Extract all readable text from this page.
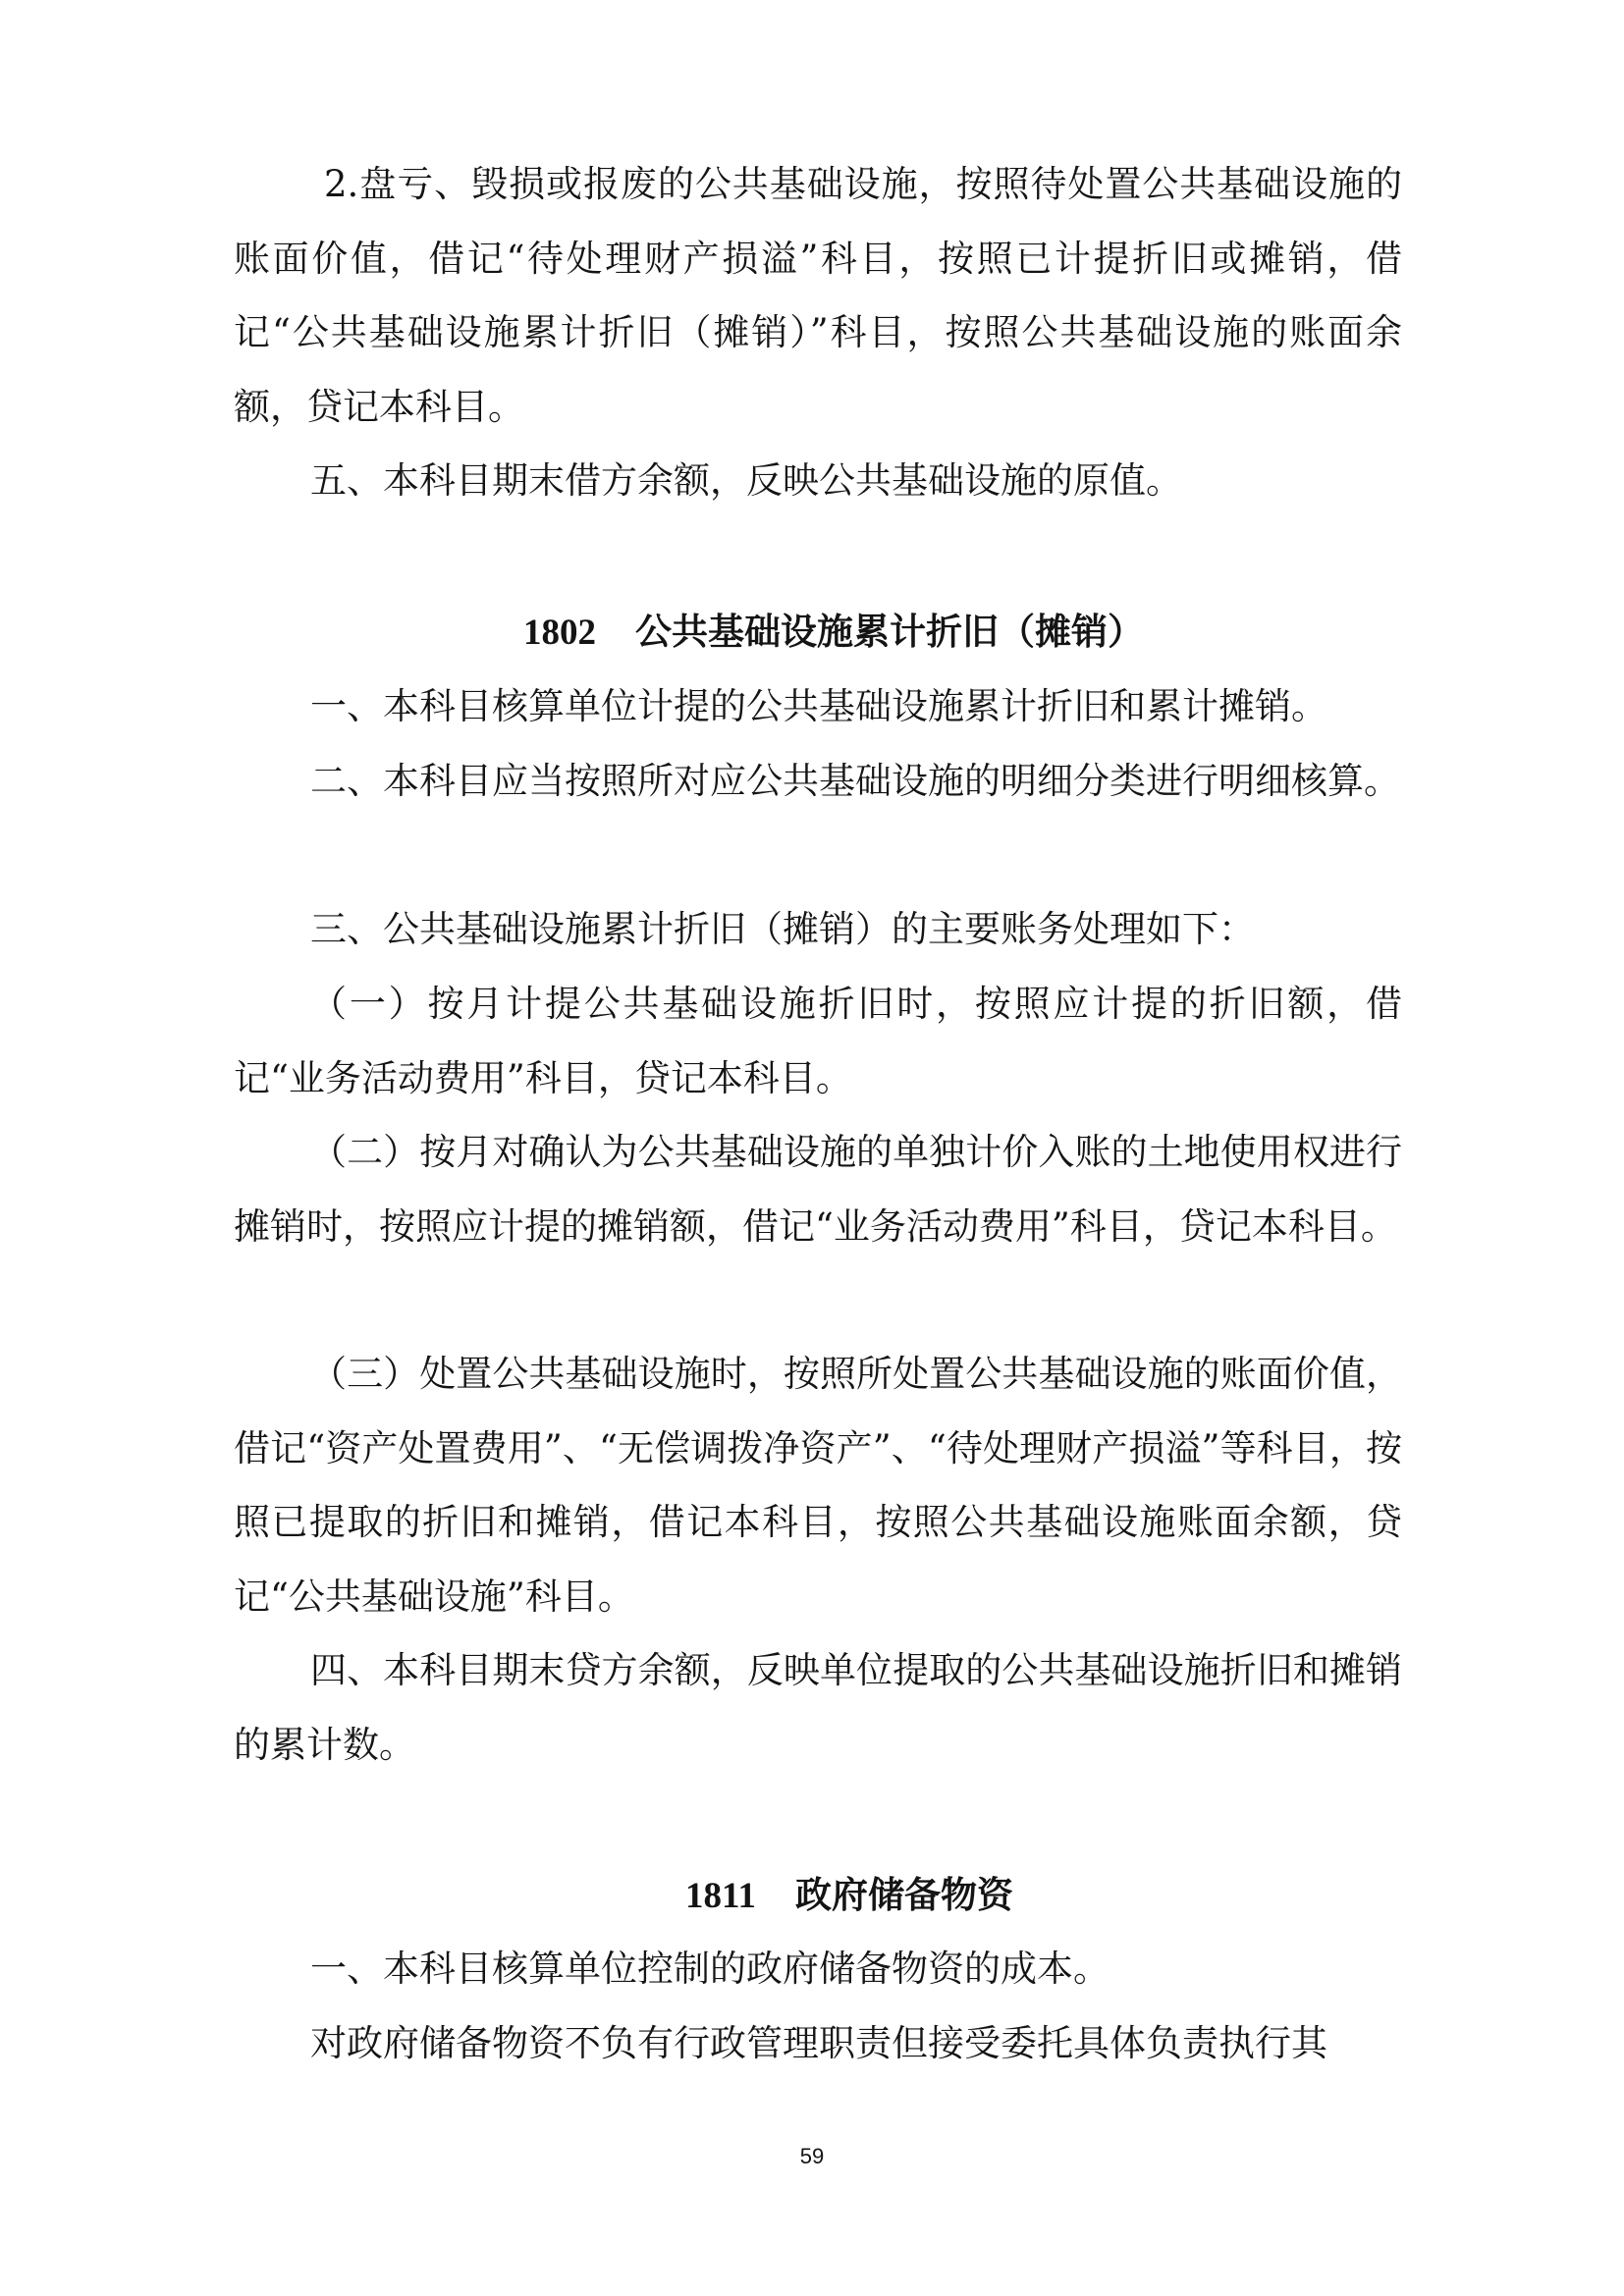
2.盘亏、毁损或报废的公共基础设施，按照待处置公共基础设施的账面价值，借记“待处理财产损溢”科目，按照已计提折旧或摊销，借记“公共基础设施累计折旧（摊销）”科目，按照公共基础设施的账面余额，贷记本科目。

五、本科目期末借方余额，反映公共基础设施的原值。

1802 公共基础设施累计折旧（摊销）

一、本科目核算单位计提的公共基础设施累计折旧和累计摊销。

二、本科目应当按照所对应公共基础设施的明细分类进行明细核算。

三、公共基础设施累计折旧（摊销）的主要账务处理如下：

（一）按月计提公共基础设施折旧时，按照应计提的折旧额，借记“业务活动费用”科目，贷记本科目。

（二）按月对确认为公共基础设施的单独计价入账的土地使用权进行摊销时，按照应计提的摊销额，借记“业务活动费用”科目，贷记本科目。

（三）处置公共基础设施时，按照所处置公共基础设施的账面价值，借记“资产处置费用”、“无偿调拨净资产”、“待处理财产损溢”等科目，按照已提取的折旧和摊销，借记本科目，按照公共基础设施账面余额，贷记“公共基础设施”科目。

四、本科目期末贷方余额，反映单位提取的公共基础设施折旧和摊销的累计数。

1811 政府储备物资

一、本科目核算单位控制的政府储备物资的成本。

对政府储备物资不负有行政管理职责但接受委托具体负责执行其

59
